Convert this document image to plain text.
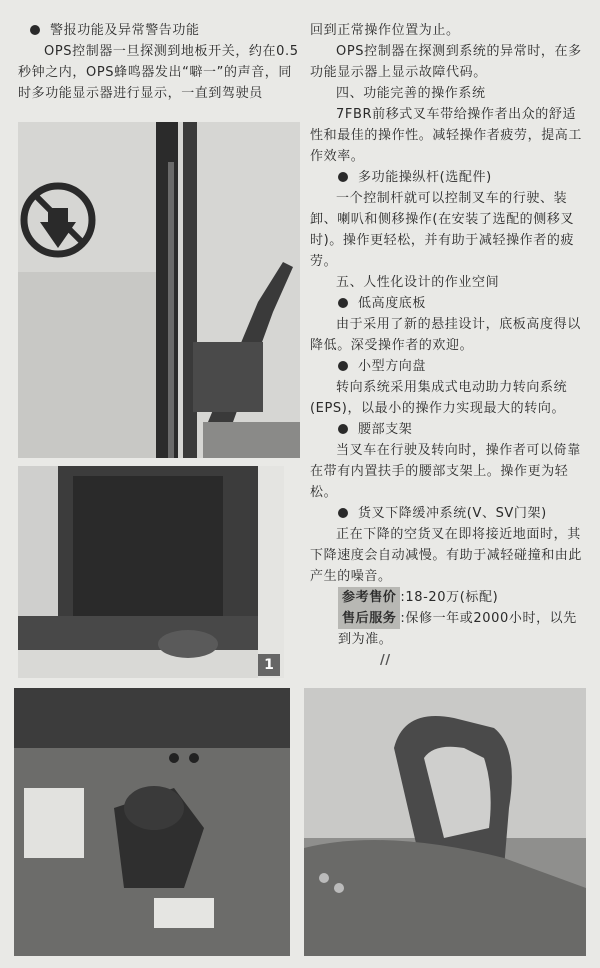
警报功能及异常警告功能

OPS控制器一旦探测到地板开关，约在0.5秒钟之内，OPS蜂鸣器发出“噼一”的声音，同时多功能显示器进行显示，一直到驾驶员

1

回到正常操作位置为止。

OPS控制器在探测到系统的异常时，在多功能显示器上显示故障代码。

四、功能完善的操作系统

7FBR前移式叉车带给操作者出众的舒适性和最佳的操作性。减轻操作者疲劳，提高工作效率。

多功能操纵杆(选配件)

一个控制杆就可以控制叉车的行驶、装卸、喇叭和侧移操作(在安装了选配的侧移叉时)。操作更轻松，并有助于减轻操作者的疲劳。

五、人性化设计的作业空间

低高度底板

由于采用了新的悬挂设计，底板高度得以降低。深受操作者的欢迎。

小型方向盘

转向系统采用集成式电动助力转向系统(EPS)，以最小的操作力实现最大的转向。

腰部支架

当叉车在行驶及转向时，操作者可以倚靠在带有内置扶手的腰部支架上。操作更为轻松。

货叉下降缓冲系统(V、SV门架)

正在下降的空货叉在即将接近地面时，其下降速度会自动减慢。有助于减轻碰撞和由此产生的噪音。

参考售价 :18-20万(标配)

售后服务 :保修一年或2000小时，以先到为准。

//
